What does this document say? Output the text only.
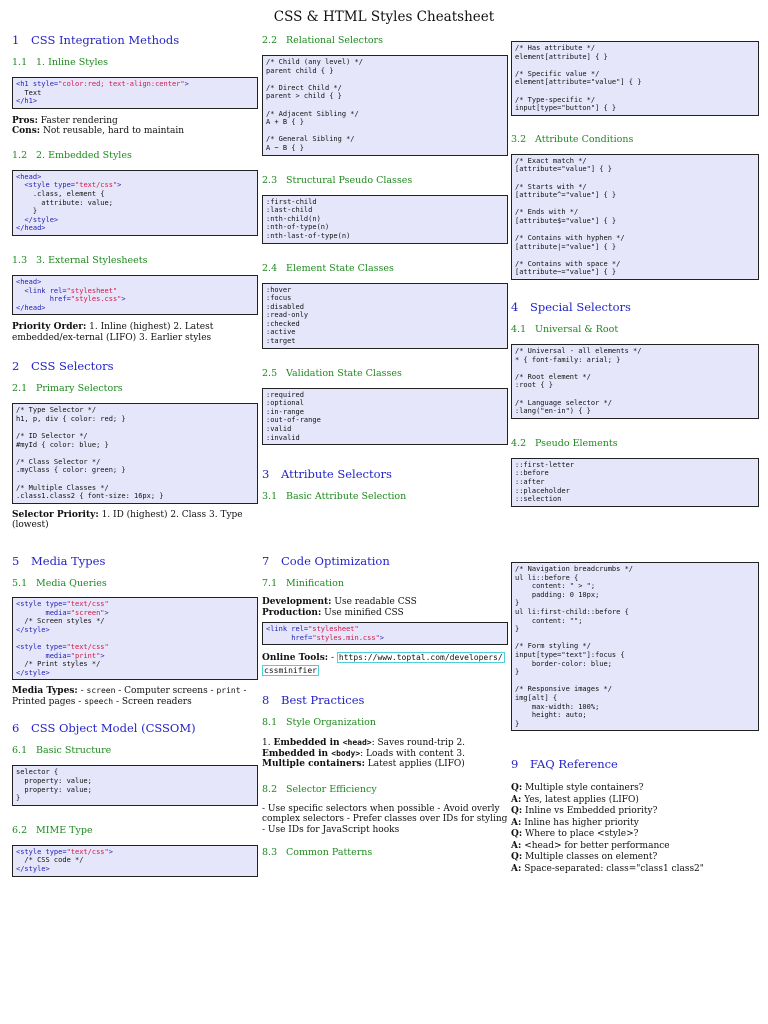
CSS & HTML Styles Cheatsheet
1 CSS Integration Methods
1.1 1. Inline Styles
<h1 style="color:red; text-align:center">
Text
</h1>

Pros: Faster rendering

Cons: Not reusable, hard to maintain

1.2 2. Embedded Styles
<head>
<style type="text/css">
.class, element {
attribute: value;
}
</style>
</head>
1.3 3. External Stylesheets
<head>
<link rel="stylesheet"
href="styles.css">
</head>

Priority Order: 1. Inline (highest) 2. Latest embedded/ex-ternal (LIFO) 3. Earlier styles

2 CSS Selectors
2.1 Primary Selectors
/* Type Selector */
h1, p, div { color: red; }

/* ID Selector */
#myId { color: blue; }

/* Class Selector */
.myClass { color: green; }

/* Multiple Classes */
.class1.class2 { font-size: 16px; }

Selector Priority: 1. ID (highest) 2. Class 3. Type (lowest)

5 Media Types
5.1 Media Queries
<style type="text/css"
media="screen">
/* Screen styles */
</style>

<style type="text/css"
media="print">
/* Print styles */
</style>

Media Types: - screen - Computer screens - print - Printed pages - speech - Screen readers

6 CSS Object Model (CSSOM)
6.1 Basic Structure
selector {
property: value;
property: value;
}
6.2 MIME Type
<style type="text/css">
/* CSS code */
</style>
2.2 Relational Selectors
/* Child (any level) */
parent child { }

/* Direct Child */
parent > child { }

/* Adjacent Sibling */
A + B { }

/* General Sibling */
A ~ B { }
2.3 Structural Pseudo Classes
:first-child
:last-child
:nth-child(n)
:nth-of-type(n)
:nth-last-of-type(n)
2.4 Element State Classes
:hover
:focus
:disabled
:read-only
:checked
:active
:target
2.5 Validation State Classes
:required
:optional
:in-range
:out-of-range
:valid
:invalid
3 Attribute Selectors
3.1 Basic Attribute Selection
7 Code Optimization
7.1 Minification

Development: Use readable CSS

Production: Use minified CSS

<link rel="stylesheet"
href="styles.min.css">

Online Tools: - https://www.toptal.com/developers/
cssminifier

8 Best Practices
8.1 Style Organization

1. Embedded in <head>: Saves round-trip 2. Embedded in <body>: Loads with content 3. Multiple containers: Latest applies (LIFO)

8.2 Selector Efficiency

- Use specific selectors when possible - Avoid overly complex selectors - Prefer classes over IDs for styling - Use IDs for JavaScript hooks

8.3 Common Patterns
/* Has attribute */
element[attribute] { }

/* Specific value */
element[attribute="value"] { }

/* Type-specific */
input[type="button"] { }
3.2 Attribute Conditions
/* Exact match */
[attribute="value"] { }

/* Starts with */
[attribute^="value"] { }

/* Ends with */
[attribute$="value"] { }

/* Contains with hyphen */
[attribute|="value"] { }

/* Contains with space */
[attribute~="value"] { }
4 Special Selectors
4.1 Universal & Root
/* Universal - all elements */
* { font-family: arial; }

/* Root element */
:root { }

/* Language selector */
:lang("en-in") { }
4.2 Pseudo Elements
::first-letter
::before
::after
::placeholder
::selection
/* Navigation breadcrumbs */
ul li::before {
content: " > ";
padding: 0 10px;
}
ul li:first-child::before {
content: "";
}

/* Form styling */
input[type="text"]:focus {
border-color: blue;
}

/* Responsive images */
img[alt] {
max-width: 100%;
height: auto;
}
9 FAQ Reference

Q: Multiple style containers?

A: Yes, latest applies (LIFO)

Q: Inline vs Embedded priority?

A: Inline has higher priority

Q: Where to place <style>?

A: <head> for better performance

Q: Multiple classes on element?

A: Space-separated: class="class1 class2"
